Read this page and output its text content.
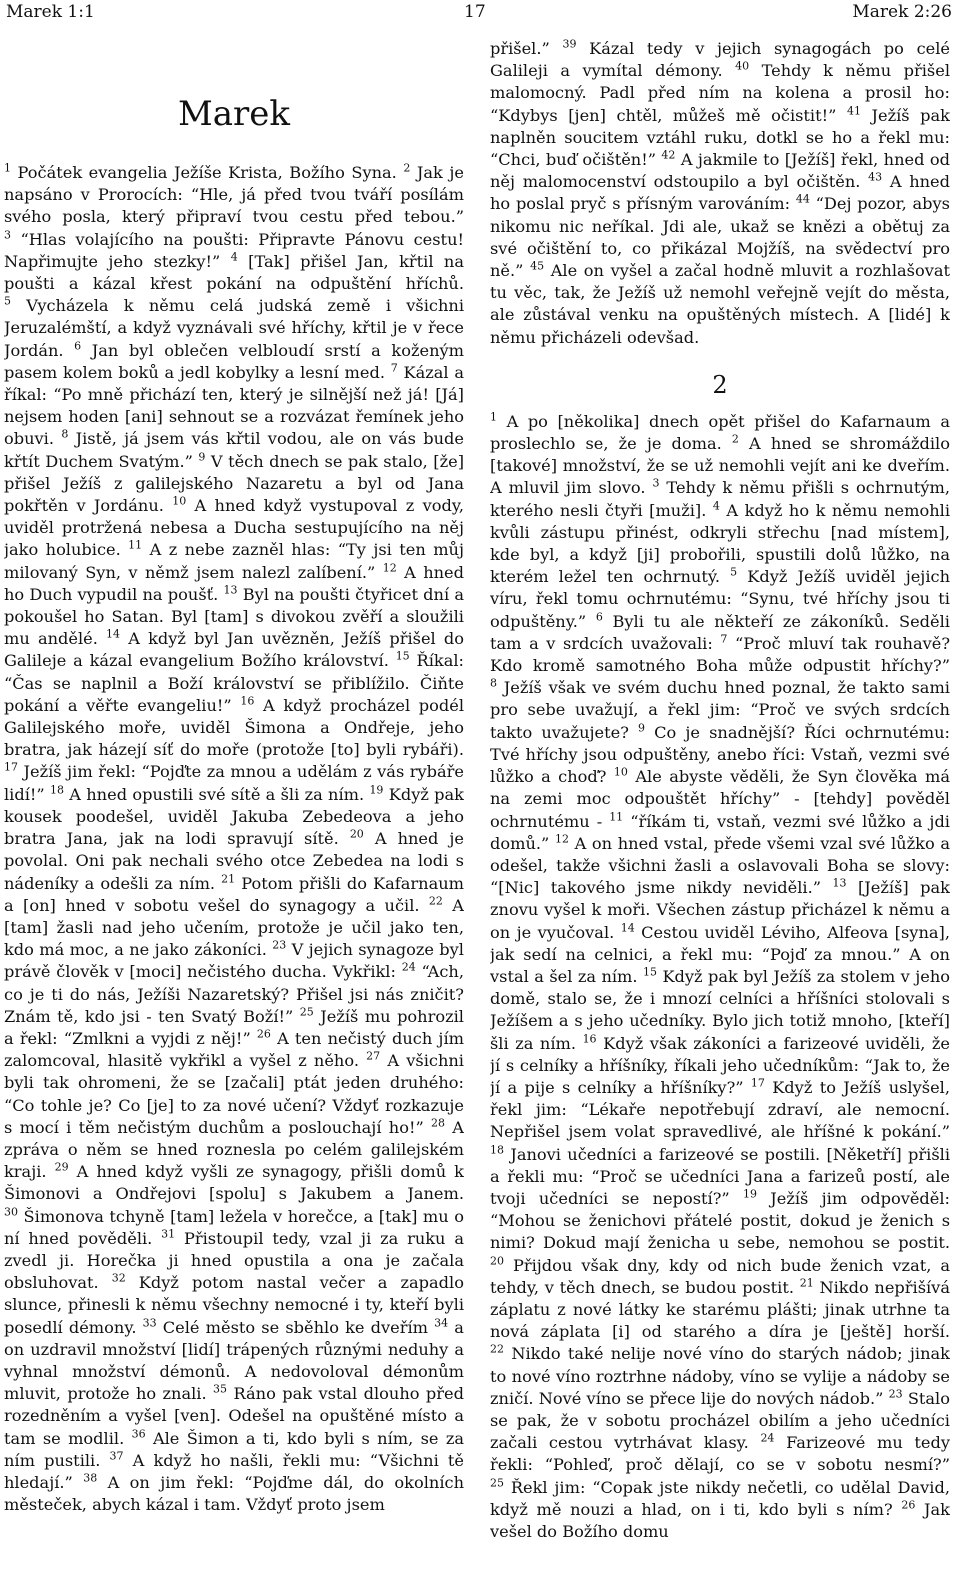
Marek 1:1	17	Marek 2:26
Marek

$^1$ Počátek evangelia Ježíše Krista, Božího Syna. $^2$ Jak je napsáno v Prorocích: “Hle, já před tvou tváří posílám svého posla, který připraví tvou cestu před tebou.” $^3$ “Hlas volajícího na poušti: Připravte Pánovu cestu! Napřimujte jeho stezky!” $^4$ [Tak] přišel Jan, křtil na poušti a kázal křest pokání na odpuštění hříchů. $^5$ Vycházela k němu celá judská země i všichni Jeruzalémští, a když vyznávali své hříchy, křtil je v řece Jordán. $^6$ Jan byl oblečen velbloudí srstí a koženým pasem kolem boků a jedl kobylky a lesní med. $^7$ Kázal a říkal: “Po mně přichází ten, který je silnější než já! [Já] nejsem hoden [ani] sehnout se a rozvázat řemínek jeho obuvi. $^8$ Jistě, já jsem vás křtil vodou, ale on vás bude křtít Duchem Svatým.” $^9$ V těch dnech se pak stalo, [že] přišel Ježíš z galilejského Nazaretu a byl od Jana pokřtěn v Jordánu. $^{10}$ A hned když vystupoval z vody, uviděl protržená nebesa a Ducha sestupujícího na něj jako holubice. $^{11}$ A z nebe zazněl hlas: “Ty jsi ten můj milovaný Syn, v němž jsem nalezl zalíbení.” $^{12}$ A hned ho Duch vypudil na poušť. $^{13}$ Byl na poušti čtyřicet dní a pokoušel ho Satan. Byl [tam] s divokou zvěří a sloužili mu andělé. $^{14}$ A když byl Jan uvězněn, Ježíš přišel do Galileje a kázal evangelium Božího království. $^{15}$ Říkal: “Čas se naplnil a Boží království se přiblížilo. Čiňte pokání a věřte evangeliu!” $^{16}$ A když procházel podél Galilejského moře, uviděl Šimona a Ondřeje, jeho bratra, jak házejí síť do moře (protože [to] byli rybáři). $^{17}$ Ježíš jim řekl: “Pojďte za mnou a udělám z vás rybáře lidí!” $^{18}$ A hned opustili své sítě a šli za ním. $^{19}$ Když pak kousek poodešel, uviděl Jakuba Zebedeova a jeho bratra Jana, jak na lodi spravují sítě. $^{20}$ A hned je povolal. Oni pak nechali svého otce Zebedea na lodi s nádeníky a odešli za ním. $^{21}$ Potom přišli do Kafarnaum a [on] hned v sobotu vešel do synagogy a učil. $^{22}$ A [tam] žasli nad jeho učením, protože je učil jako ten, kdo má moc, a ne jako zákoníci. $^{23}$ V jejich synagoze byl právě člověk v [moci] nečistého ducha. Vykřikl: $^{24}$ “Ach, co je ti do nás, Ježíši Nazaretský? Přišel jsi nás zničit? Znám tě, kdo jsi - ten Svatý Boží!” $^{25}$ Ježíš mu pohrozil a řekl: “Zmlkni a vyjdi z něj!” $^{26}$ A ten nečistý duch jím zalomcoval, hlasitě vykřikl a vyšel z něho. $^{27}$ A všichni byli tak ohromeni, že se [začali] ptát jeden druhého: “Co tohle je? Co [je] to za nové učení? Vždyť rozkazuje s mocí i těm nečistým duchům a poslouchají ho!” $^{28}$ A zpráva o něm se hned roznesla po celém galilejském kraji. $^{29}$ A hned když vyšli ze synagogy, přišli domů k Šimonovi a Ondřejovi [spolu] s Jakubem a Janem. $^{30}$ Šimonova tchyně [tam] ležela v horečce, a [tak] mu o ní hned pověděli. $^{31}$ Přistoupil tedy, vzal ji za ruku a zvedl ji. Horečka ji hned opustila a ona je začala obsluhovat. $^{32}$ Když potom nastal večer a zapadlo slunce, přinesli k němu všechny nemocné i ty, kteří byli posedlí démony. $^{33}$ Celé město se sběhlo ke dveřím $^{34}$ a on uzdravil množství [lidí] trápených různými neduhy a vyhnal množství démonů. A nedovoloval démonům mluvit, protože ho znali. $^{35}$ Ráno pak vstal dlouho před rozedněním a vyšel [ven]. Odešel na opuštěné místo a tam se modlil. $^{36}$ Ale Šimon a ti, kdo byli s ním, se za ním pustili. $^{37}$ A když ho našli, řekli mu: “Všichni tě hledají.” $^{38}$ A on jim řekl: “Pojďme dál, do okolních městeček, abych kázal i tam. Vždyť proto jsem

přišel.” $^{39}$ Kázal tedy v jejich synagogách po celé Galileji a vymítal démony. $^{40}$ Tehdy k němu přišel malomocný. Padl před ním na kolena a prosil ho: “Kdybys [jen] chtěl, můžeš mě očistit!” $^{41}$ Ježíš pak naplněn soucitem vztáhl ruku, dotkl se ho a řekl mu: “Chci, buď očištěn!” $^{42}$ A jakmile to [Ježíš] řekl, hned od něj malomocenství odstoupilo a byl očištěn. $^{43}$ A hned ho poslal pryč s přísným varováním: $^{44}$ “Dej pozor, abys nikomu nic neříkal. Jdi ale, ukaž se knězi a obětuj za své očištění to, co přikázal Mojžíš, na svědectví pro ně.” $^{45}$ Ale on vyšel a začal hodně mluvit a rozhlašovat tu věc, tak, že Ježíš už nemohl veřejně vejít do města, ale zůstával venku na opuštěných místech. A [lidé] k němu přicházeli odevšad.

2

$^1$ A po [několika] dnech opět přišel do Kafarnaum a proslechlo se, že je doma. $^2$ A hned se shromáždilo [takové] množství, že se už nemohli vejít ani ke dveřím. A mluvil jim slovo. $^3$ Tehdy k němu přišli s ochrnutým, kterého nesli čtyři [muži]. $^4$ A když ho k němu nemohli kvůli zástupu přinést, odkryli střechu [nad místem], kde byl, a když [ji] probořili, spustili dolů lůžko, na kterém ležel ten ochrnutý. $^5$ Když Ježíš uviděl jejich víru, řekl tomu ochrnutému: “Synu, tvé hříchy jsou ti odpuštěny.” $^6$ Byli tu ale někteří ze zákoníků. Seděli tam a v srdcích uvažovali: $^7$ “Proč mluví tak rouhavě? Kdo kromě samotného Boha může odpustit hříchy?” $^8$ Ježíš však ve svém duchu hned poznal, že takto sami pro sebe uvažují, a řekl jim: “Proč ve svých srdcích takto uvažujete? $^9$ Co je snadnější? Říci ochrnutému: Tvé hříchy jsou odpuštěny, anebo říci: Vstaň, vezmi své lůžko a choď? $^{10}$ Ale abyste věděli, že Syn člověka má na zemi moc odpouštět hříchy” - [tehdy] pověděl ochrnutému - $^{11}$ “říkám ti, vstaň, vezmi své lůžko a jdi domů.” $^{12}$ A on hned vstal, přede všemi vzal své lůžko a odešel, takže všichni žasli a oslavovali Boha se slovy: “[Nic] takového jsme nikdy neviděli.” $^{13}$ [Ježíš] pak znovu vyšel k moři. Všechen zástup přicházel k němu a on je vyučoval. $^{14}$ Cestou uviděl Léviho, Alfeova [syna], jak sedí na celnici, a řekl mu: “Pojď za mnou.” A on vstal a šel za ním. $^{15}$ Když pak byl Ježíš za stolem v jeho domě, stalo se, že i mnozí celníci a hříšníci stolovali s Ježíšem a s jeho učedníky. Bylo jich totiž mnoho, [kteří] šli za ním. $^{16}$ Když však zákoníci a farizeové uviděli, že jí s celníky a hříšníky, říkali jeho učedníkům: “Jak to, že jí a pije s celníky a hříšníky?” $^{17}$ Když to Ježíš uslyšel, řekl jim: “Lékaře nepotřebují zdraví, ale nemocní. Nepřišel jsem volat spravedlivé, ale hříšné k pokání.” $^{18}$ Janovi učedníci a farizeové se postili. [Něketří] přišli a řekli mu: “Proč se učedníci Jana a farizeů postí, ale tvoji učedníci se nepostí?” $^{19}$ Ježíš jim odpověděl: “Mohou se ženichovi přátelé postit, dokud je ženich s nimi? Dokud mají ženicha u sebe, nemohou se postit. $^{20}$ Přijdou však dny, kdy od nich bude ženich vzat, a tehdy, v těch dnech, se budou postit. $^{21}$ Nikdo nepřišívá záplatu z nové látky ke starému plášti; jinak utrhne ta nová záplata [i] od starého a díra je [ještě] horší. $^{22}$ Nikdo také nelije nové víno do starých nádob; jinak to nové víno roztrhne nádoby, víno se vylije a nádoby se zničí. Nové víno se přece lije do nových nádob.” $^{23}$ Stalo se pak, že v sobotu procházel obilím a jeho učedníci začali cestou vytrhávat klasy. $^{24}$ Farizeové mu tedy řekli: “Pohleď, proč dělají, co se v sobotu nesmí?” $^{25}$ Řekl jim: “Copak jste nikdy nečetli, co udělal David, když mě nouzi a hlad, on i ti, kdo byli s ním? $^{26}$ Jak vešel do Božího domu
